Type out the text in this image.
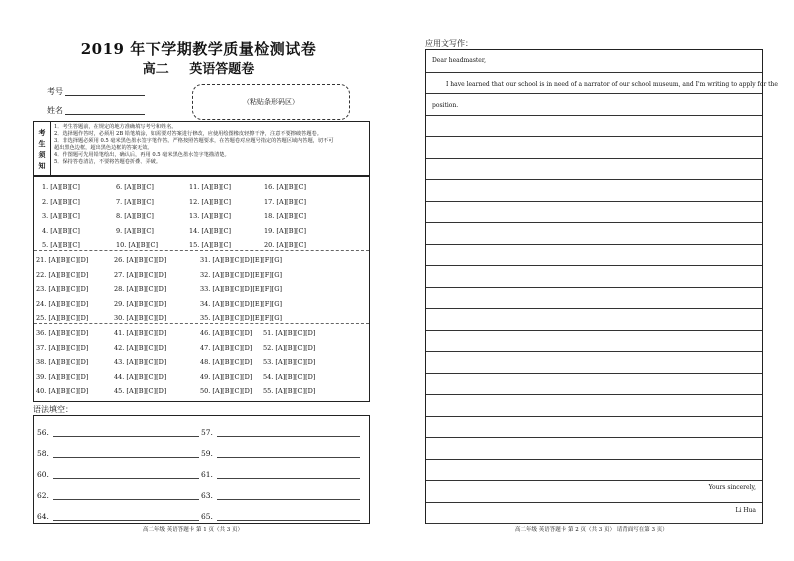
2019 年下学期教学质量检测试卷
高二 英语答题卷
考号
姓名
（粘贴条形码区）
考
生
须
知
1．考生答题前，在规定的地方准确填写考号和姓名。
2．选择题作答时，必须用 2B 铅笔填涂，如需要对答案进行修改，应使用绘图橡皮轻擦干净，注意不要擦破答题卷。
3．非选择题必须用 0.5 毫米黑色墨水签字笔作答。严格按照答题要求，在答题卷对应题号指定的答题区域内答题，切不可
超出黑色边框，超出黑色边框的答案无效。
4．作图题可先用铅笔绘出，确认后，再用 0.5 毫米黑色墨水签字笔描清楚。
5．保持答卷清洁，不要将答题卷折叠、弄破。
1. [A][B][C]	6. [A][B][C]	11. [A][B][C]	16. [A][B][C]
2. [A][B][C]	7. [A][B][C]	12. [A][B][C]	17. [A][B][C]
3. [A][B][C]	8. [A][B][C]	13. [A][B][C]	18. [A][B][C]
4. [A][B][C]	9. [A][B][C]	14. [A][B][C]	19. [A][B][C]
5. [A][B][C]	10. [A][B][C]	15. [A][B][C]	20. [A][B][C]
21. [A][B][C][D]	26. [A][B][C][D]	31. [A][B][C][D][E][F][G]
22. [A][B][C][D]	27. [A][B][C][D]	32. [A][B][C][D][E][F][G]
23. [A][B][C][D]	28. [A][B][C][D]	33. [A][B][C][D][E][F][G]
24. [A][B][C][D]	29. [A][B][C][D]	34. [A][B][C][D][E][F][G]
25. [A][B][C][D]	30. [A][B][C][D]	35. [A][B][C][D][E][F][G]
36. [A][B][C][D]	41. [A][B][C][D]	46. [A][B][C][D] 51. [A][B][C][D]
37. [A][B][C][D]	42. [A][B][C][D]	47. [A][B][C][D] 52. [A][B][C][D]
38. [A][B][C][D]	43. [A][B][C][D]	48. [A][B][C][D] 53. [A][B][C][D]
39. [A][B][C][D]	44. [A][B][C][D]	49. [A][B][C][D] 54. [A][B][C][D]
40. [A][B][C][D]	45. [A][B][C][D]	50. [A][B][C][D] 55. [A][B][C][D]
语法填空：
56.	57.
58.	59.
60.	61.
62.	63.
64.	65.
高二年级 英语答题卡 第 1 页（共 3 页）
应用文写作：
Dear headmaster,
I have learned that our school is in need of a narrator of our school museum, and I'm writing to apply for the
position.
Yours sincerely,
Li Hua
高二年级 英语答题卡 第 2 页（共 3 页） 请背面写在第 3 页）
